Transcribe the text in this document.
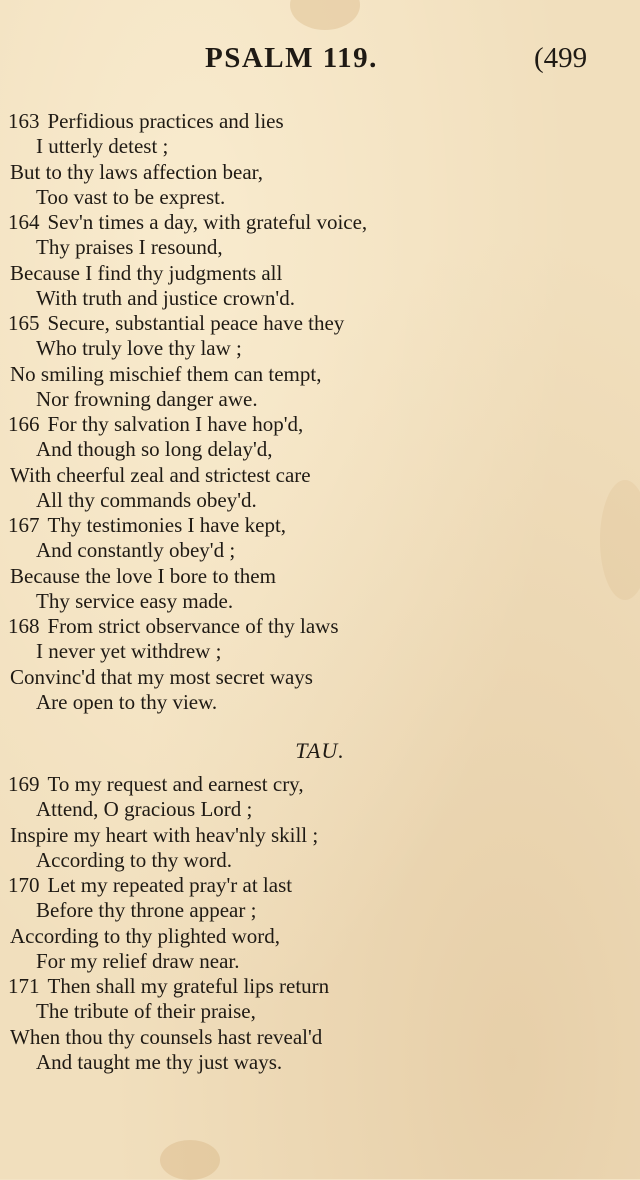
PSALM 119.	(499
163 Perfidious practices and lies
I utterly detest ;
But to thy laws affection bear,
Too vast to be exprest.
164 Sev'n times a day, with grateful voice,
Thy praises I resound,
Because I find thy judgments all
With truth and justice crown'd.
165 Secure, substantial peace have they
Who truly love thy law ;
No smiling mischief them can tempt,
Nor frowning danger awe.
166 For thy salvation I have hop'd,
And though so long delay'd,
With cheerful zeal and strictest care
All thy commands obey'd.
167 Thy testimonies I have kept,
And constantly obey'd ;
Because the love I bore to them
Thy service easy made.
168 From strict observance of thy laws
I never yet withdrew ;
Convinc'd that my most secret ways
Are open to thy view.
TAU.
169 To my request and earnest cry,
Attend, O gracious Lord ;
Inspire my heart with heav'nly skill ;
According to thy word.
170 Let my repeated pray'r at last
Before thy throne appear ;
According to thy plighted word,
For my relief draw near.
171 Then shall my grateful lips return
The tribute of their praise,
When thou thy counsels hast reveal'd
And taught me thy just ways.
